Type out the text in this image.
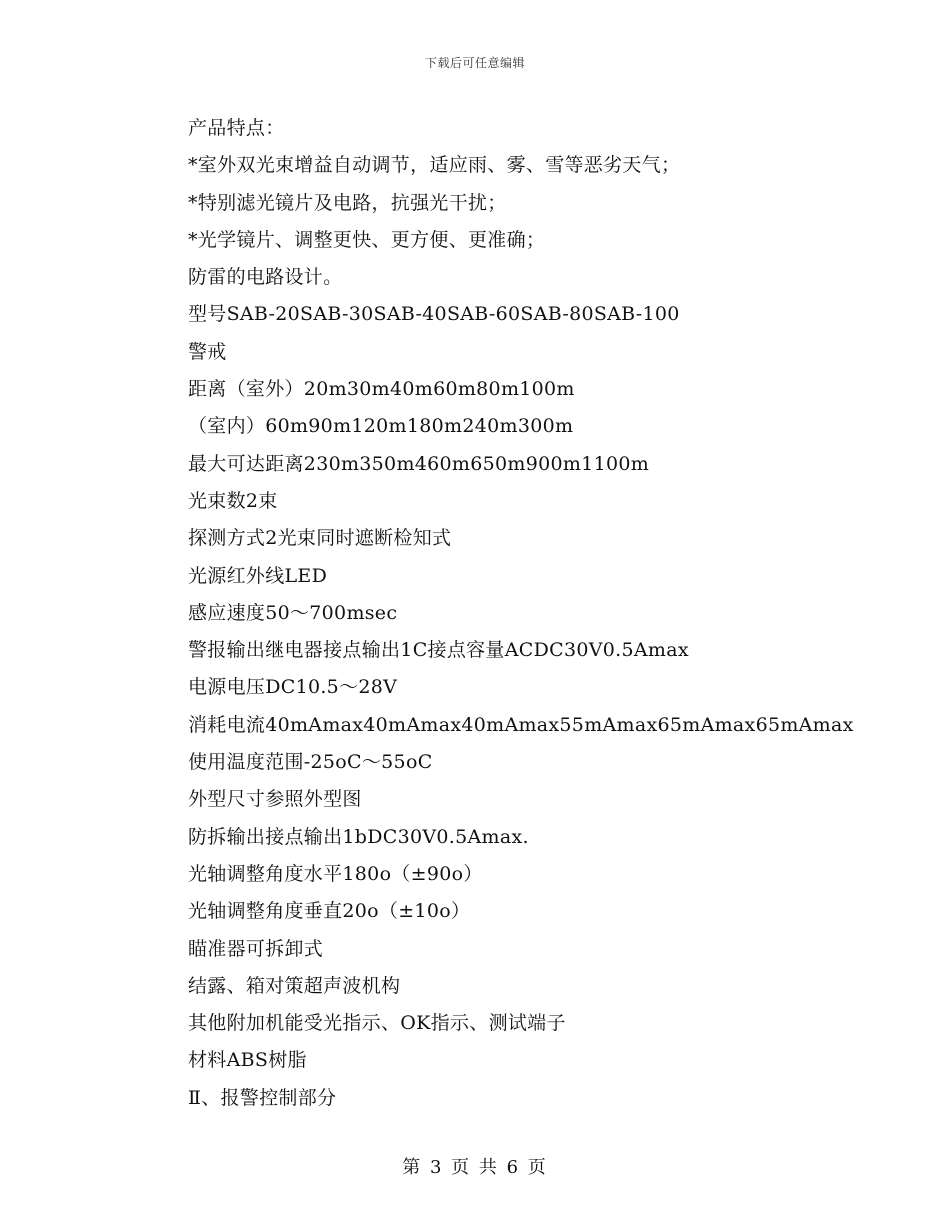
下载后可任意编辑
产品特点：
*室外双光束增益自动调节，适应雨、雾、雪等恶劣天气；
*特别滤光镜片及电路，抗强光干扰；
*光学镜片、调整更快、更方便、更准确；
防雷的电路设计。
型号SAB-20SAB-30SAB-40SAB-60SAB-80SAB-100
警戒
距离（室外）20m30m40m60m80m100m
（室内）60m90m120m180m240m300m
最大可达距离230m350m460m650m900m1100m
光束数2束
探测方式2光束同时遮断检知式
光源红外线LED
感应速度50～700msec
警报输出继电器接点输出1C接点容量ACDC30V0.5Amax
电源电压DC10.5～28V
消耗电流40mAmax40mAmax40mAmax55mAmax65mAmax65mAmax
使用温度范围-25oC～55oC
外型尺寸参照外型图
防拆输出接点输出1bDC30V0.5Amax.
光轴调整角度水平180o（±90o）
光轴调整角度垂直20o（±10o）
瞄准器可拆卸式
结露、箱对策超声波机构
其他附加机能受光指示、OK指示、测试端子
材料ABS树脂
Ⅱ、报警控制部分
第 3 页 共 6 页
